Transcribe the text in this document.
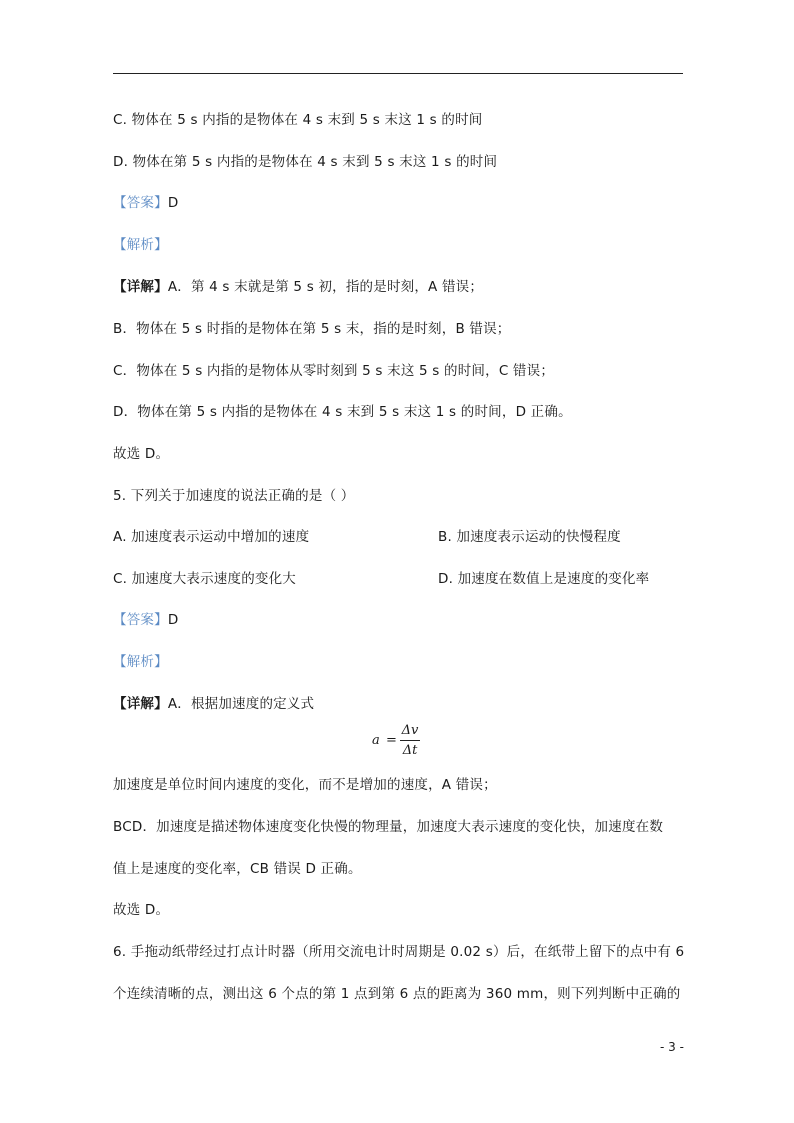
C. 物体在 5 s 内指的是物体在 4 s 末到 5 s 末这 1 s 的时间
D. 物体在第 5 s 内指的是物体在 4 s 末到 5 s 末这 1 s 的时间
【答案】D
【解析】
【详解】A．第 4 s 末就是第 5 s 初，指的是时刻，A 错误；
B．物体在 5 s 时指的是物体在第 5 s 末，指的是时刻，B 错误；
C．物体在 5 s 内指的是物体从零时刻到 5 s 末这 5 s 的时间，C 错误；
D．物体在第 5 s 内指的是物体在 4 s 末到 5 s 末这 1 s 的时间，D 正确。
故选 D。
5. 下列关于加速度的说法正确的是（ ）
A. 加速度表示运动中增加的速度	B. 加速度表示运动的快慢程度
C. 加速度大表示速度的变化大	D. 加速度在数值上是速度的变化率
【答案】D
【解析】
【详解】A．根据加速度的定义式
a =
Δv
Δt
加速度是单位时间内速度的变化，而不是增加的速度，A 错误；
BCD．加速度是描述物体速度变化快慢的物理量，加速度大表示速度的变化快，加速度在数
值上是速度的变化率，CB 错误 D 正确。
故选 D。
6. 手拖动纸带经过打点计时器（所用交流电计时周期是 0.02 s）后，在纸带上留下的点中有 6
个连续清晰的点，测出这 6 个点的第 1 点到第 6 点的距离为 360 mm，则下列判断中正确的
- 3 -
